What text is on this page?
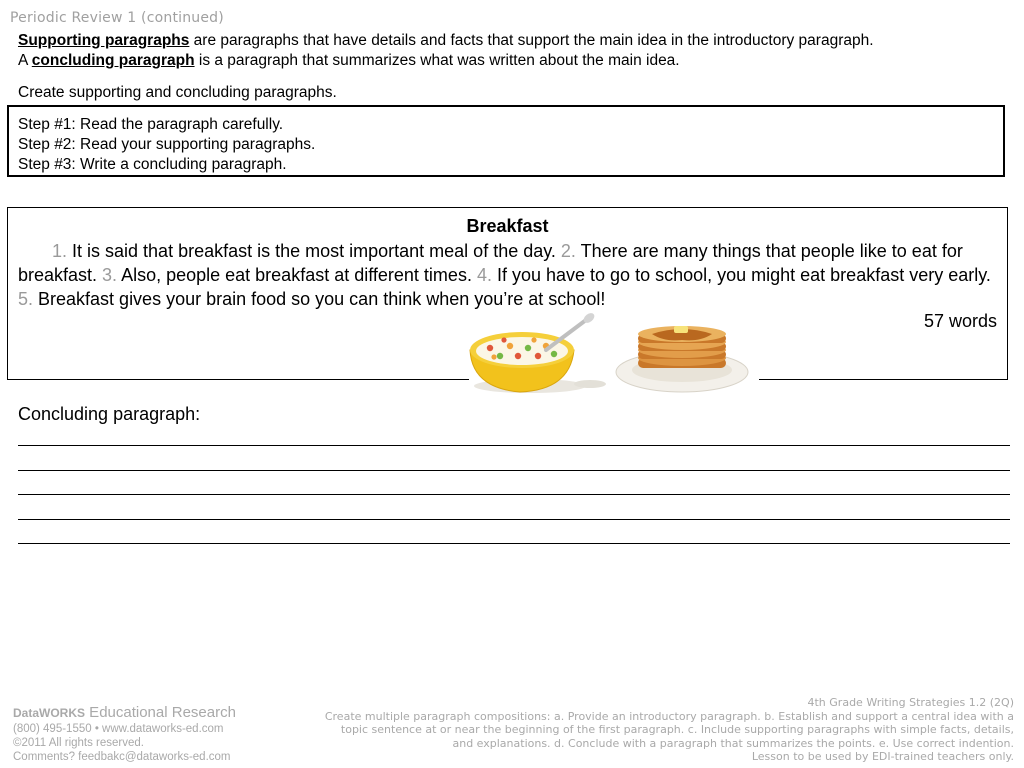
Periodic Review 1 (continued)
Supporting paragraphs are paragraphs that have details and facts that support the main idea in the introductory paragraph.
A concluding paragraph is a paragraph that summarizes what was written about the main idea.
Create supporting and concluding paragraphs.
Step #1: Read the paragraph carefully.
Step #2: Read your supporting paragraphs.
Step #3: Write a concluding paragraph.
Breakfast
1. It is said that breakfast is the most important meal of the day. 2. There are many things that people like to eat for breakfast. 3. Also, people eat breakfast at different times. 4. If you have to go to school, you might eat breakfast very early. 5. Breakfast gives your brain food so you can think when you’re at school!
57 words
Concluding paragraph:
DataWORKS Educational Research
(800) 495-1550 • www.dataworks-ed.com
©2011 All rights reserved.
Comments? feedbakc@dataworks-ed.com
4th Grade Writing Strategies 1.2 (2Q)
Create multiple paragraph compositions: a. Provide an introductory paragraph. b. Establish and support a central idea with a topic sentence at or near the beginning of the first paragraph. c. Include supporting paragraphs with simple facts, details, and explanations. d. Conclude with a paragraph that summarizes the points. e. Use correct indention.
Lesson to be used by EDI-trained teachers only.
